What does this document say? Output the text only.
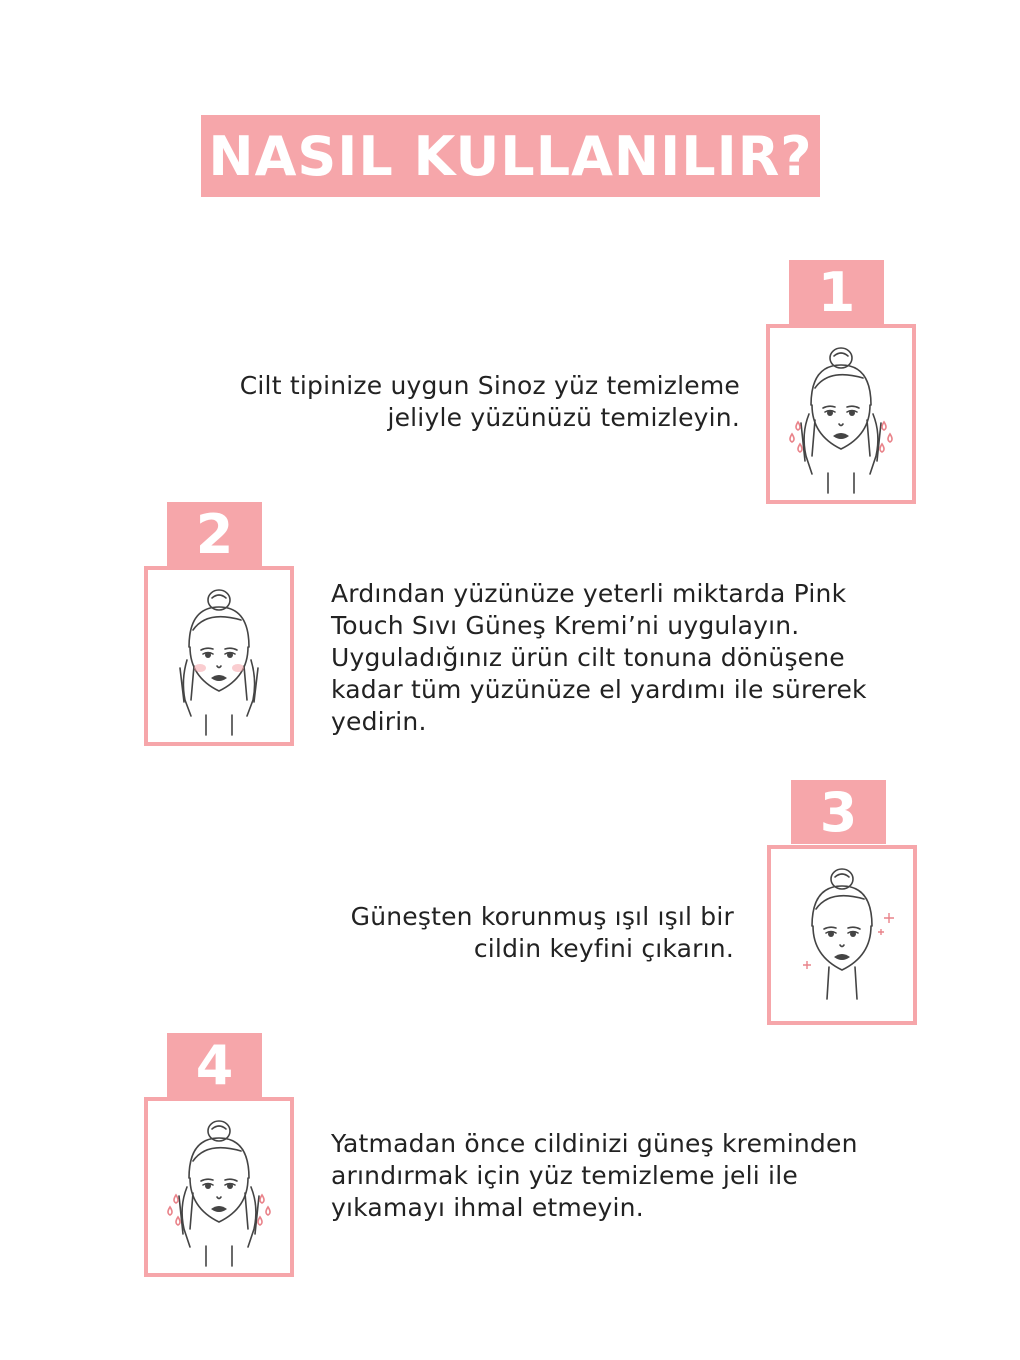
NASIL KULLANILIR?
1

Cilt tipinize uygun Sinoz yüz temizleme
jeliyle yüzünüzü temizleyin.

2

Ardından yüzünüze yeterli miktarda Pink
Touch Sıvı Güneş Kremi’ni uygulayın.
Uyguladığınız ürün cilt tonuna dönüşene
kadar tüm yüzünüze el yardımı ile sürerek
yedirin.

3

Güneşten korunmuş ışıl ışıl bir
cildin keyfini çıkarın.

4

Yatmadan önce cildinizi güneş kreminden
arındırmak için yüz temizleme jeli ile
yıkamayı ihmal etmeyin.
